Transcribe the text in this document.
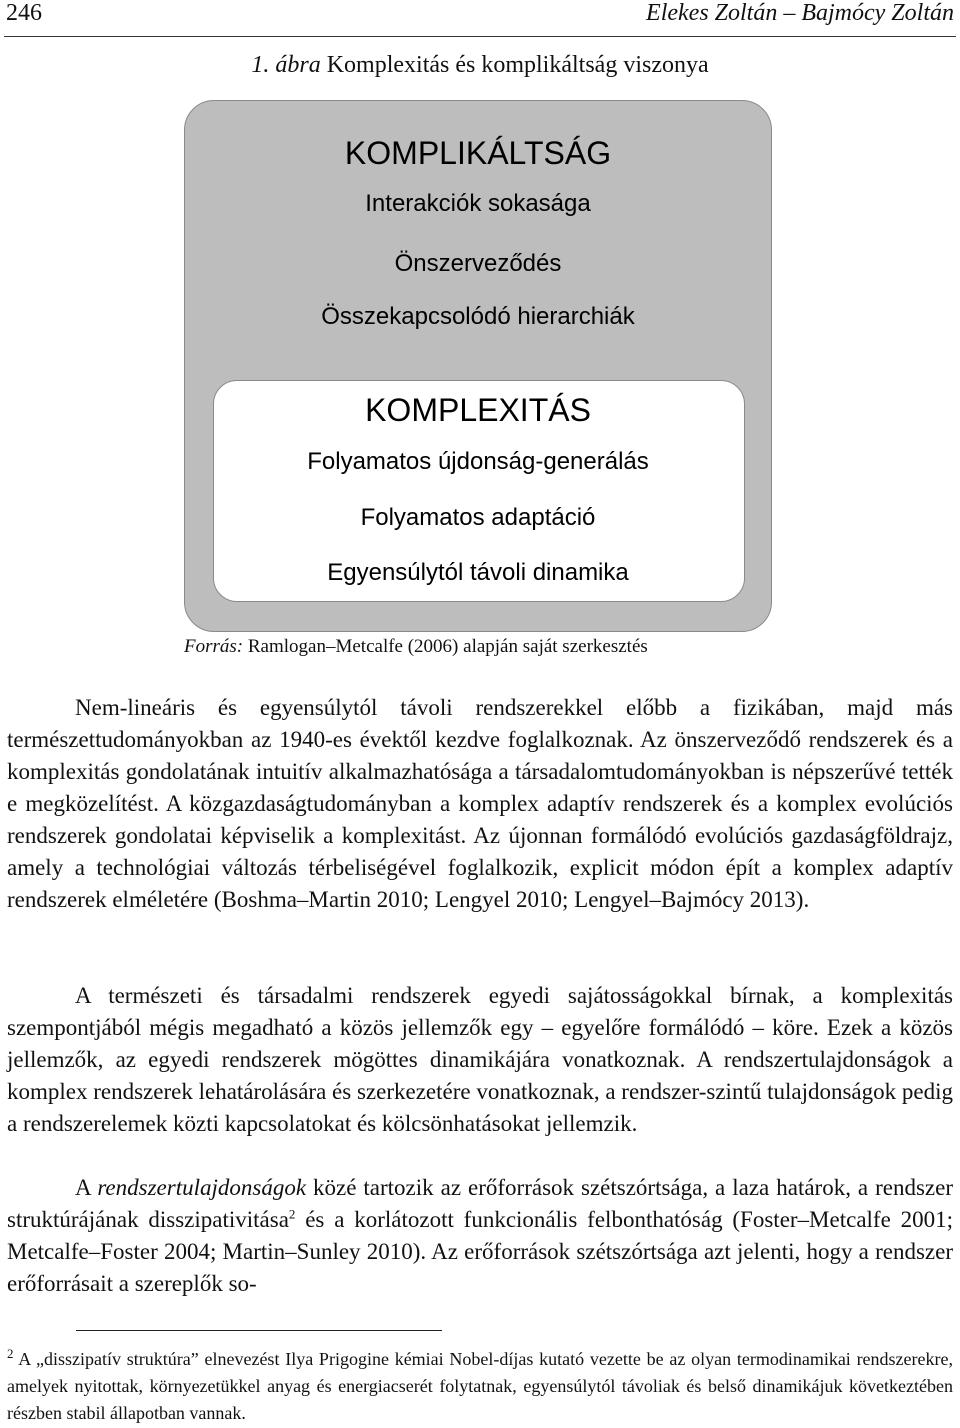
246	Elekes Zoltán – Bajmócy Zoltán
1. ábra Komplexitás és komplikáltság viszonya
KOMPLIKÁLTSÁG
Interakciók sokasága
Önszerveződés
Összekapcsolódó hierarchiák
KOMPLEXITÁS
Folyamatos újdonság-generálás
Folyamatos adaptáció
Egyensúlytól távoli dinamika
Forrás: Ramlogan–Metcalfe (2006) alapján saját szerkesztés

Nem-lineáris és egyensúlytól távoli rendszerekkel előbb a fizikában, majd más természettudományokban az 1940-es évektől kezdve foglalkoznak. Az önszerveződő rendszerek és a komplexitás gondolatának intuitív alkalmazhatósága a társadalomtudományokban is népszerűvé tették e megközelítést. A közgazdaságtudományban a komplex adaptív rendszerek és a komplex evolúciós rendszerek gondolatai képviselik a komplexitást. Az újonnan formálódó evolúciós gazdaságföldrajz, amely a technológiai változás térbeliségével foglalkozik, explicit módon épít a komplex adaptív rendszerek elméletére (Boshma–Martin 2010; Lengyel 2010; Lengyel–Bajmócy 2013).

A természeti és társadalmi rendszerek egyedi sajátosságokkal bírnak, a komplexitás szempontjából mégis megadható a közös jellemzők egy – egyelőre formálódó – köre. Ezek a közös jellemzők, az egyedi rendszerek mögöttes dinamikájára vonatkoznak. A rendszertulajdonságok a komplex rendszerek lehatárolására és szerkezetére vonatkoznak, a rendszer-szintű tulajdonságok pedig a rendszerelemek közti kapcsolatokat és kölcsönhatásokat jellemzik.

A rendszertulajdonságok közé tartozik az erőforrások szétszórtsága, a laza határok, a rendszer struktúrájának disszipativitása$^2$ és a korlátozott funkcionális felbonthatóság (Foster–Metcalfe 2001; Metcalfe–Foster 2004; Martin–Sunley 2010). Az erőforrások szétszórtsága azt jelenti, hogy a rendszer erőforrásait a szereplők so-

$^2$ A „disszipatív struktúra” elnevezést Ilya Prigogine kémiai Nobel-díjas kutató vezette be az olyan termodinamikai rendszerekre, amelyek nyitottak, környezetükkel anyag és energiacserét folytatnak, egyensúlytól távoliak és belső dinamikájuk következtében részben stabil állapotban vannak.
